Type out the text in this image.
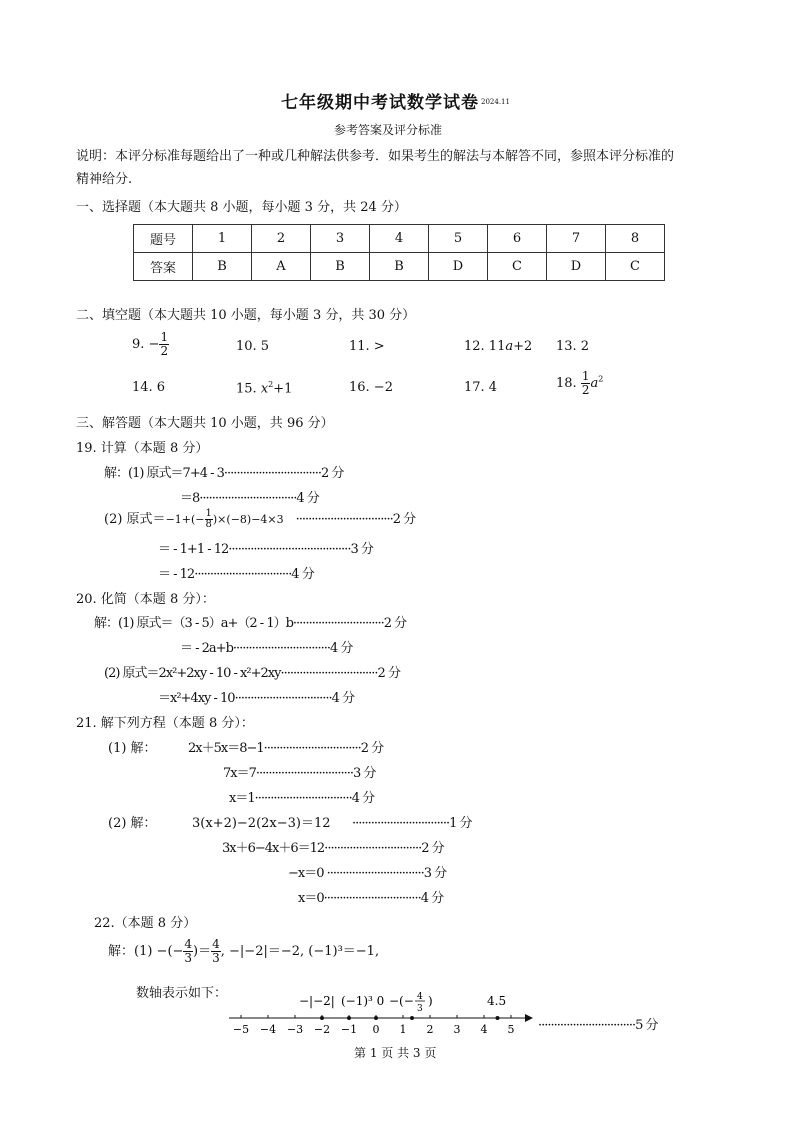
七年级期中考试数学试卷 $^{2024.11}$
参考答案及评分标准
说明：本评分标准每题给出了一种或几种解法供参考．如果考生的解法与本解答不同，参照本评分标准的
精神给分.
一、选择题（本大题共 8 小题，每小题 3 分，共 24 分）
题号	1	2	3	4	5	6	7	8
答案	B	A	B	B	D	C	D	C
二、填空题（本大题共 10 小题，每小题 3 分，共 30 分）
9. − $\frac{1}{2}$	10. 5	11. >	12. 11a+2 13. 2
14. 6	15. $x^2+1$	16. −2	17. 4	18. $\frac{1}{2} a^2$
三、解答题（本大题共 10 小题，共 96 分）
19. 计算（本题 8 分）
解：(1) 原式＝7+4 - 3·······························2 分
＝8·······························4 分
(2) 原式$=-1+(- \frac{1}{8} )\times(-8)-4\times 3 \cdot\cdot\cdot\cdot\cdot\cdot\cdot\cdot\cdot\cdot\cdot\cdot\cdot\cdot\cdot\cdot\cdot\cdot\cdot\cdot\cdot\cdot\cdot\cdot\cdot\cdot\cdot\cdot\cdot\cdot\cdot 2$ 分
＝ - 1+1 - 12·······································3 分
＝ - 12·······························4 分
20. 化简（本题 8 分）：
解：(1) 原式＝（3 - 5）a+（2 - 1）b·····························2 分
＝ - 2a+b·······························4 分
(2) 原式＝2x²+2xy - 10 - x²+2xy·······························2 分
＝x²+4xy - 10·······························4 分
21. 解下列方程（本题 8 分）：
(1) 解： 2x＋5x＝8−1·······························2 分
7x＝7·······························3 分
x＝1·······························4 分
(2) 解：	3(x+2)−2(2x−3)＝12 ·······························1 分
3x＋6−4x＋6＝12·······························2 分
−x＝0 ·······························3 分
x＝0·······························4 分
22.（本题 8 分）
解：(1) −(− $\frac{4}{3}$ )＝ $\frac{4}{3}$ , −|−2|＝−2, (−1)³＝−1,
数轴表示如下：
−5 −4 −3 −2 −1 0 1 2 3 4 5
−|−2| (−1)³ 0 −(− 4
3
)	4.5
·······························5 分
第 1 页 共 3 页
